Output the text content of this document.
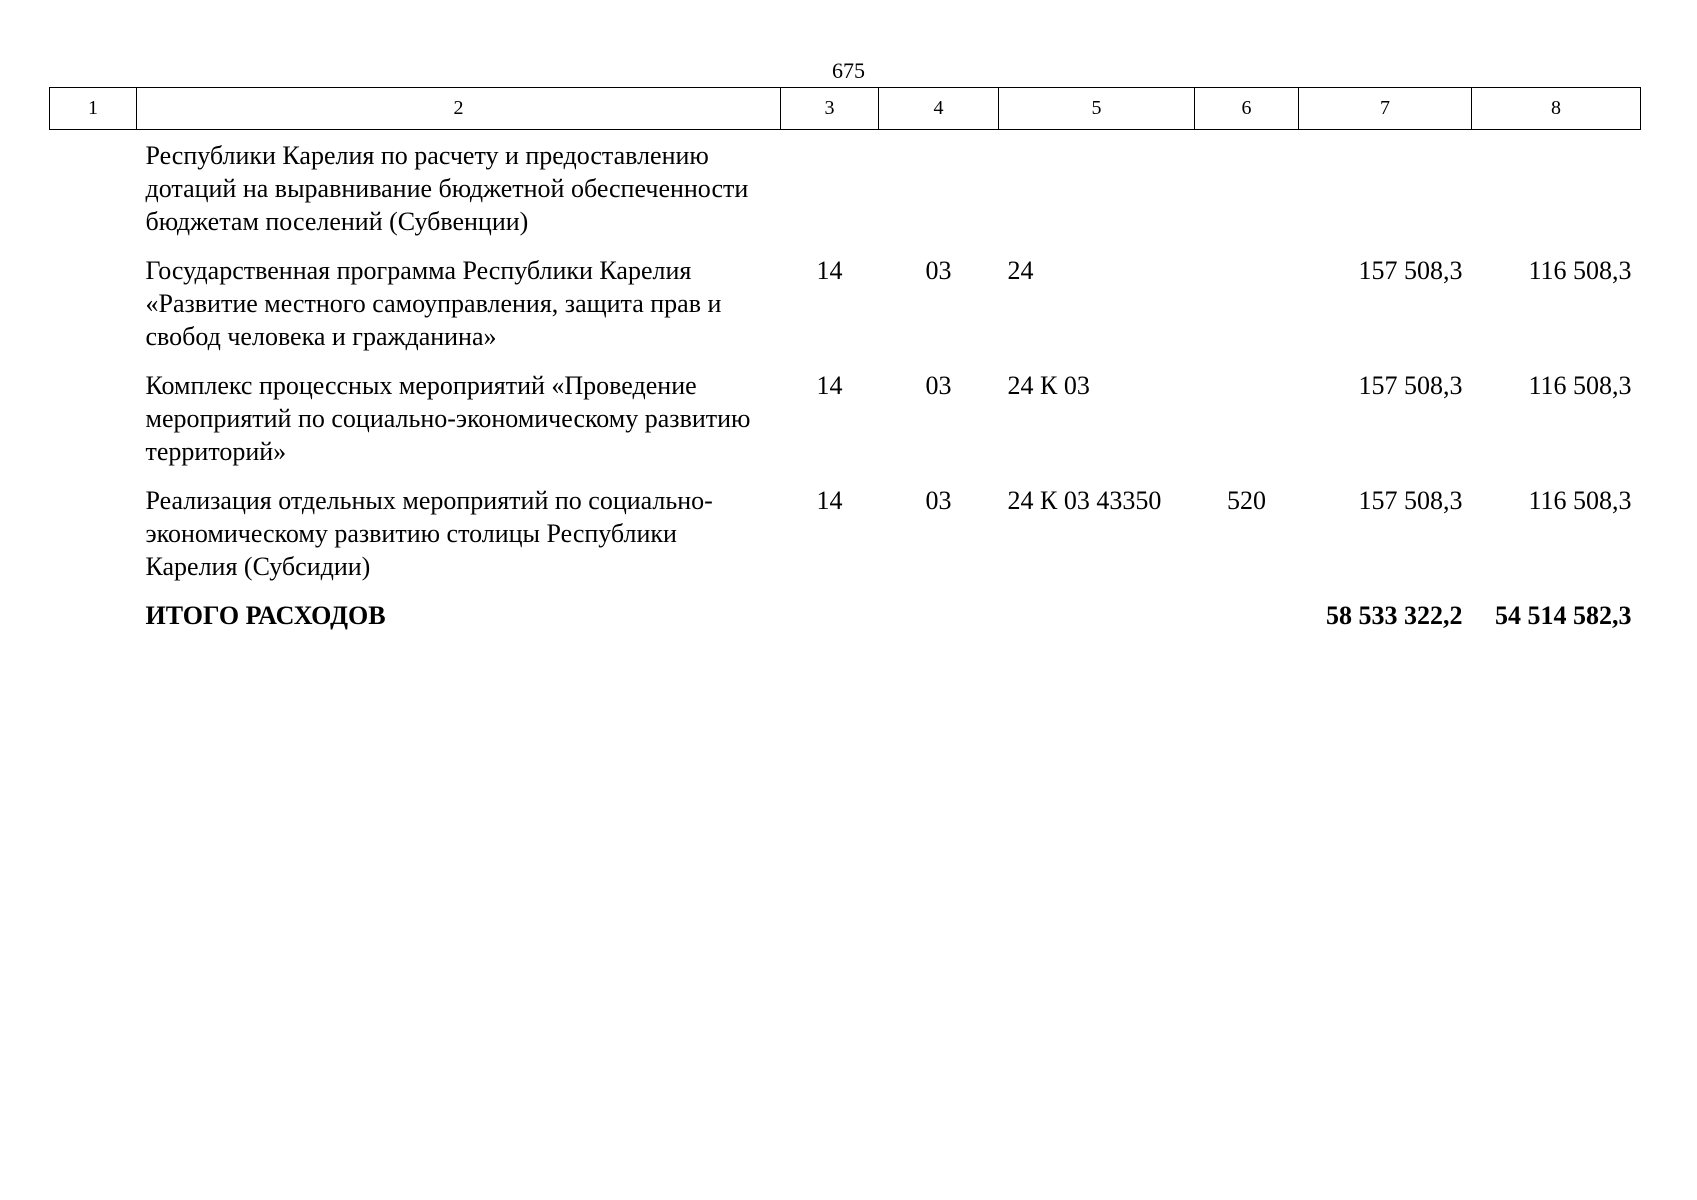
675
1	2	3	4	5	6	7	8
	Республики Карелия по расчету и предоставлению дотаций на выравнивание бюджетной обеспеченности бюджетам поселений (Субвенции)						
	Государственная программа Республики Карелия «Развитие местного самоуправления, защита прав и свобод человека и гражданина»	14	03	24		157 508,3	116 508,3
	Комплекс процессных мероприятий «Проведение мероприятий по социально-экономическому развитию территорий»	14	03	24 К 03		157 508,3	116 508,3
	Реализация отдельных мероприятий по социально-экономическому развитию столицы Республики Карелия (Субсидии)	14	03	24 К 03 43350	520	157 508,3	116 508,3
	ИТОГО РАСХОДОВ					58 533 322,2	54 514 582,3
